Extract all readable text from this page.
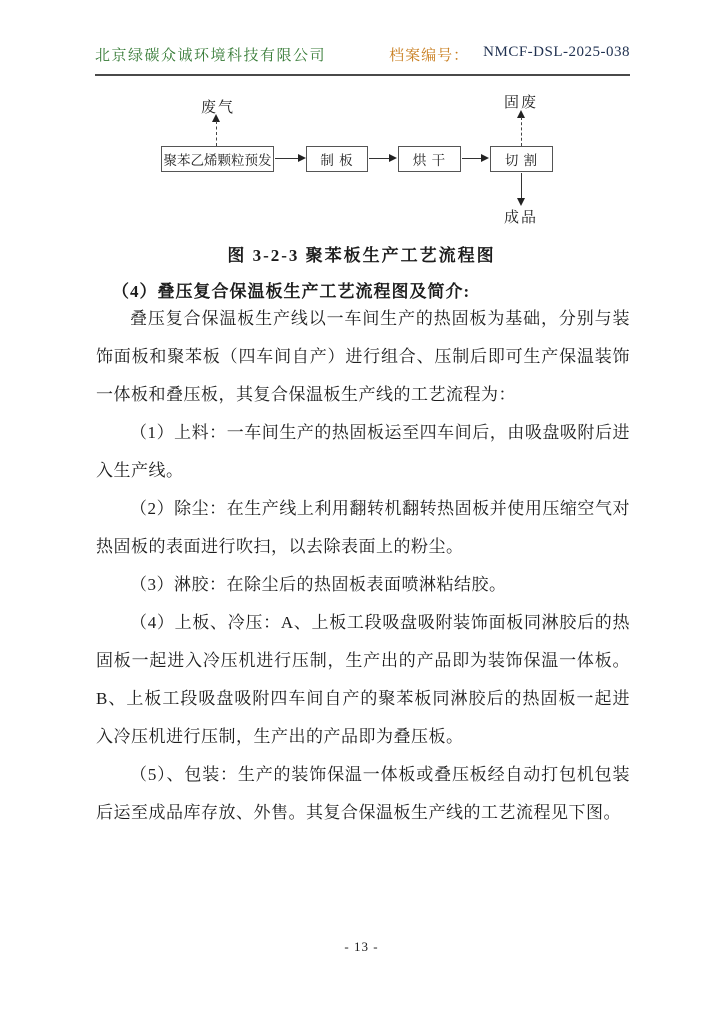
北京绿碳众诚环境科技有限公司	档案编号： NMCF-DSL-2025-038
废气	固废
成品
聚苯乙烯颗粒预发	制 板	烘 干	切 割
图 3-2-3 聚苯板生产工艺流程图
（4）叠压复合保温板生产工艺流程图及简介:

叠压复合保温板生产线以一车间生产的热固板为基础，分别与装饰面板和聚苯板（四车间自产）进行组合、压制后即可生产保温装饰一体板和叠压板，其复合保温板生产线的工艺流程为：

（1）上料：一车间生产的热固板运至四车间后，由吸盘吸附后进入生产线。

（2）除尘：在生产线上利用翻转机翻转热固板并使用压缩空气对热固板的表面进行吹扫，以去除表面上的粉尘。

（3）淋胶：在除尘后的热固板表面喷淋粘结胶。

（4）上板、冷压：A、上板工段吸盘吸附装饰面板同淋胶后的热固板一起进入冷压机进行压制，生产出的产品即为装饰保温一体板。B、上板工段吸盘吸附四车间自产的聚苯板同淋胶后的热固板一起进入冷压机进行压制，生产出的产品即为叠压板。

（5）、包装：生产的装饰保温一体板或叠压板经自动打包机包装后运至成品库存放、外售。其复合保温板生产线的工艺流程见下图。

- 13 -
